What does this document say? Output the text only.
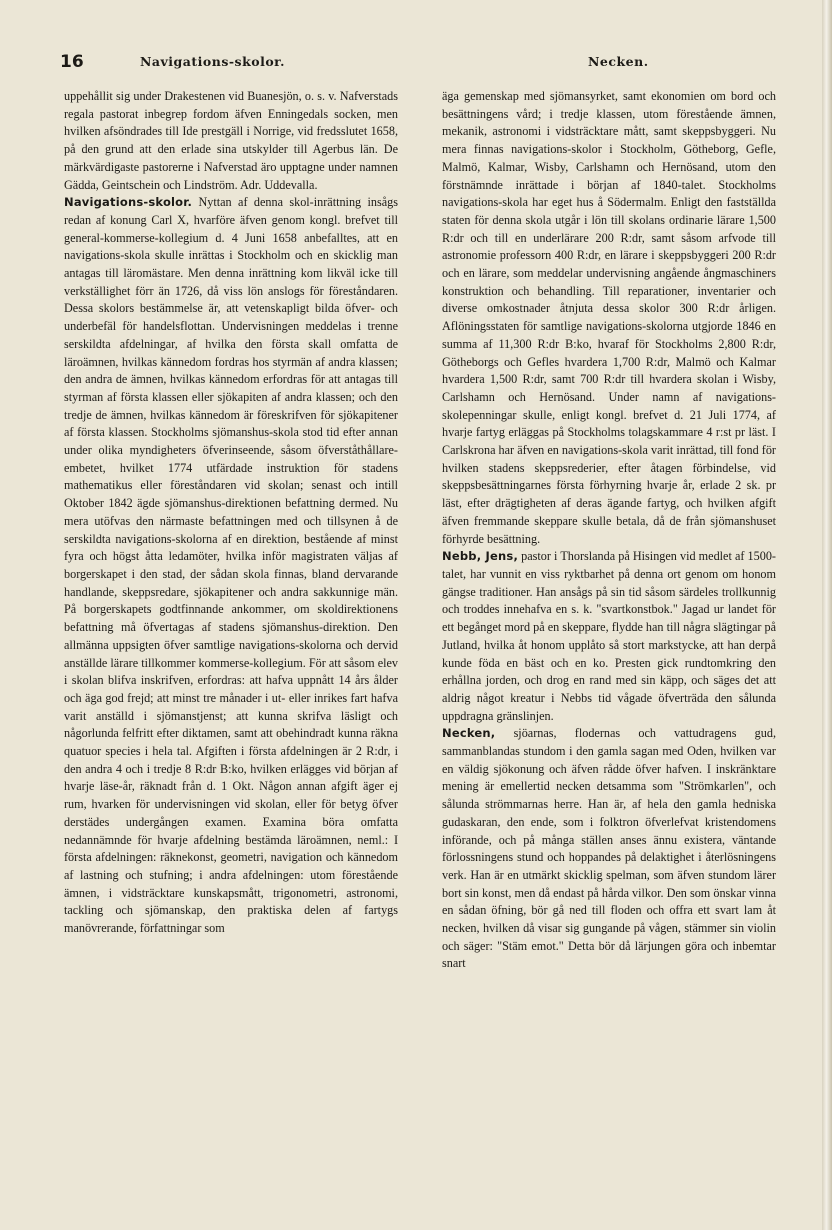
16	Navigations-skolor.	Necken.

uppehållit sig under Drakestenen vid Buanesjön, o. s. v. Nafverstads regala pastorat inbegrep fordom äfven Enningedals socken, men hvilken afsöndrades till Ide prestgäll i Norrige, vid fredsslutet 1658, på den grund att den erlade sina utskylder till Agerbus län. De märkvärdigaste pastorerne i Nafverstad äro upptagne under namnen Gädda, Geintschein och Lindström. Adr. Uddevalla.

Navigations-skolor. Nyttan af denna skol-inrättning insågs redan af konung Carl X, hvarföre äfven genom kongl. brefvet till general-kommerse-kollegium d. 4 Juni 1658 anbefalltes, att en navigations-skola skulle inrättas i Stockholm och en skicklig man antagas till läromästare. Men denna inrättning kom likväl icke till verkställighet förr än 1726, då viss lön anslogs för föreståndaren. Dessa skolors bestämmelse är, att vetenskapligt bilda öfver- och underbefäl för handelsflottan. Undervisningen meddelas i trenne serskildta afdelningar, af hvilka den första skall omfatta de läroämnen, hvilkas kännedom fordras hos styrmän af andra klassen; den andra de ämnen, hvilkas kännedom erfordras för att antagas till styrman af första klassen eller sjökapiten af andra klassen; och den tredje de ämnen, hvilkas kännedom är föreskrifven för sjökapitener af första klassen. Stockholms sjömanshus-skola stod tid efter annan under olika myndigheters öfverinseende, såsom öfverståthållare-embetet, hvilket 1774 utfärdade instruktion för stadens mathematikus eller föreståndaren vid skolan; senast och intill Oktober 1842 ägde sjömanshus-direktionen befattning dermed. Nu mera utöfvas den närmaste befattningen med och tillsynen å de serskildta navigations-skolorna af en direktion, bestående af minst fyra och högst åtta ledamöter, hvilka inför magistraten väljas af borgerskapet i den stad, der sådan skola finnas, bland dervarande handlande, skeppsredare, sjökapitener och andra sakkunnige män. På borgerskapets godtfinnande ankommer, om skoldirektionens befattning må öfvertagas af stadens sjömanshus-direktion. Den allmänna uppsigten öfver samtlige navigations-skolorna och dervid anställde lärare tillkommer kommerse-kollegium. För att såsom elev i skolan blifva inskrifven, erfordras: att hafva uppnått 14 års ålder och äga god frejd; att minst tre månader i ut- eller inrikes fart hafva varit anställd i sjömanstjenst; att kunna skrifva läsligt och någorlunda felfritt efter diktamen, samt att obehindradt kunna räkna quatuor species i hela tal. Afgiften i första afdelningen är 2 R:dr, i den andra 4 och i tredje 8 R:dr B:ko, hvilken erlägges vid början af hvarje läse-år, räknadt från d. 1 Okt. Någon annan afgift äger ej rum, hvarken för undervisningen vid skolan, eller för betyg öfver derstädes undergången examen. Examina böra omfatta nedannämnde för hvarje afdelning bestämda läroämnen, neml.: I första afdelningen: räknekonst, geometri, navigation och kännedom af lastning och stufning; i andra afdelningen: utom förestående ämnen, i vidsträcktare kunskapsmått, trigonometri, astronomi, tackling och sjömanskap, den praktiska delen af fartygs manövrerande, författningar som

äga gemenskap med sjömansyrket, samt ekonomien om bord och besättningens vård; i tredje klassen, utom förestående ämnen, mekanik, astronomi i vidsträcktare mått, samt skeppsbyggeri. Nu mera finnas navigations-skolor i Stockholm, Götheborg, Gefle, Malmö, Kalmar, Wisby, Carlshamn och Hernösand, utom den förstnämnde inrättade i början af 1840-talet. Stockholms navigations-skola har eget hus å Södermalm. Enligt den fastställda staten för denna skola utgår i lön till skolans ordinarie lärare 1,500 R:dr och till en underlärare 200 R:dr, samt såsom arfvode till astronomie professorn 400 R:dr, en lärare i skeppsbyggeri 200 R:dr och en lärare, som meddelar undervisning angående ångmaschiners konstruktion och behandling. Till reparationer, inventarier och diverse omkostnader åtnjuta dessa skolor 300 R:dr årligen. Aflöningsstaten för samtlige navigations-skolorna utgjorde 1846 en summa af 11,300 R:dr B:ko, hvaraf för Stockholms 2,800 R:dr, Götheborgs och Gefles hvardera 1,700 R:dr, Malmö och Kalmar hvardera 1,500 R:dr, samt 700 R:dr till hvardera skolan i Wisby, Carlshamn och Hernösand. Under namn af navigations-skolepenningar skulle, enligt kongl. brefvet d. 21 Juli 1774, af hvarje fartyg erläggas på Stockholms tolagskammare 4 r:st pr läst. I Carlskrona har äfven en navigations-skola varit inrättad, till fond för hvilken stadens skeppsrederier, efter åtagen förbindelse, vid skeppsbesättningarnes första förhyrning hvarje år, erlade 2 sk. pr läst, efter drägtigheten af deras ägande fartyg, och hvilken afgift äfven fremmande skeppare skulle betala, då de från sjömanshuset förhyrde besättning.

Nebb, Jens, pastor i Thorslanda på Hisingen vid medlet af 1500-talet, har vunnit en viss ryktbarhet på denna ort genom om honom gängse traditioner. Han ansågs på sin tid såsom särdeles trollkunnig och troddes innehafva en s. k. "svartkonstbok." Jagad ur landet för ett begånget mord på en skeppare, flydde han till några slägtingar på Jutland, hvilka åt honom upplåto så stort markstycke, att han derpå kunde föda en bäst och en ko. Presten gick rundtomkring den erhållna jorden, och drog en rand med sin käpp, och säges det att aldrig något kreatur i Nebbs tid vågade öfverträda den sålunda uppdragna gränslinjen.

Necken, sjöarnas, flodernas och vattudragens gud, sammanblandas stundom i den gamla sagan med Oden, hvilken var en väldig sjökonung och äfven rådde öfver hafven. I inskränktare mening är emellertid necken detsamma som "Strömkarlen", och sålunda strömmarnas herre. Han är, af hela den gamla hedniska gudaskaran, den ende, som i folktron öfverlefvat kristendomens införande, och på många ställen anses ännu existera, väntande förlossningens stund och hoppandes på delaktighet i återlösningens verk. Han är en utmärkt skicklig spelman, som äfven stundom lärer bort sin konst, men då endast på hårda vilkor. Den som önskar vinna en sådan öfning, bör gå ned till floden och offra ett svart lam åt necken, hvilken då visar sig gungande på vågen, stämmer sin violin och säger: "Stäm emot." Detta bör då lärjungen göra och inbemtar snart
